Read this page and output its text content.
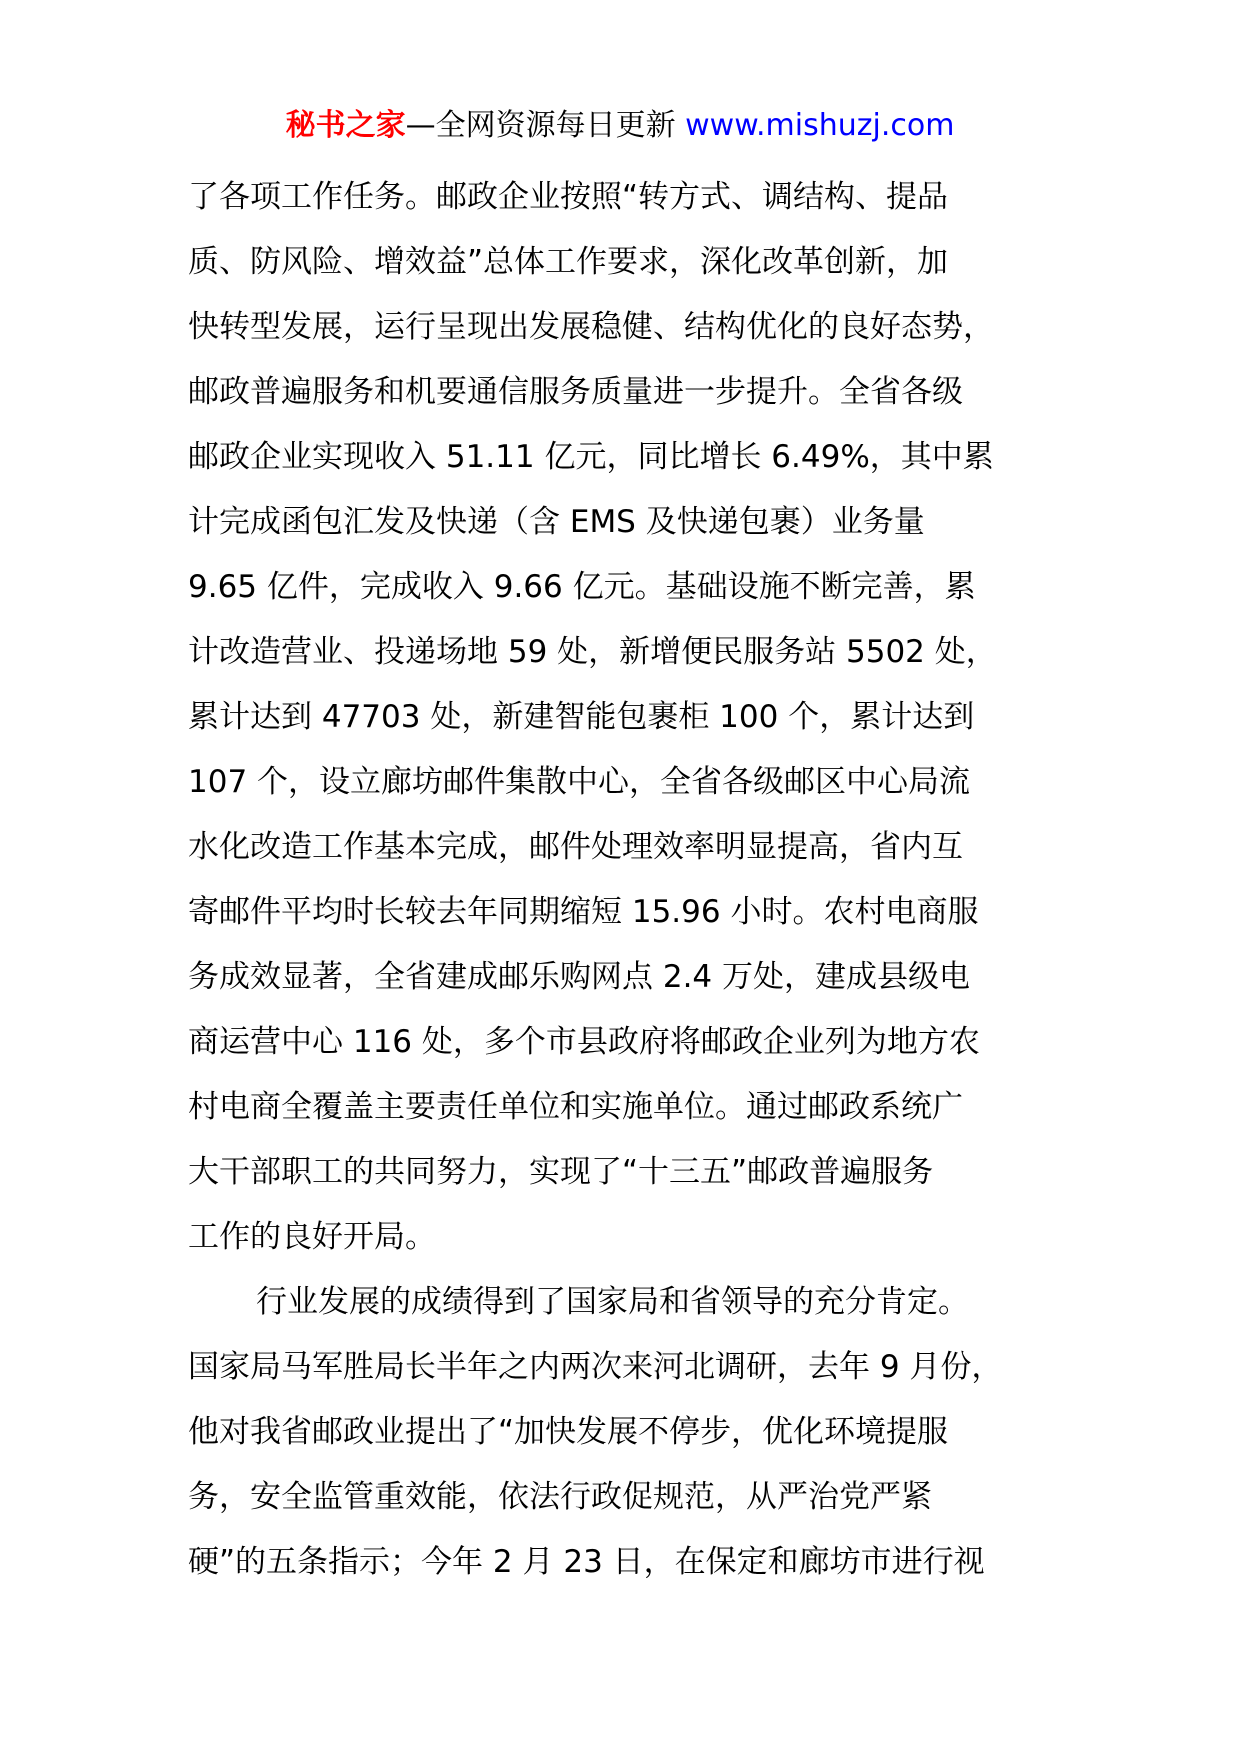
秘书之家—全网资源每日更新 www.mishuzj.com
了各项工作任务。邮政企业按照“转方式、调结构、提品
质、防风险、增效益”总体工作要求，深化改革创新，加
快转型发展，运行呈现出发展稳健、结构优化的良好态势，
邮政普遍服务和机要通信服务质量进一步提升。全省各级
邮政企业实现收入 51.11 亿元，同比增长 6.49%，其中累
计完成函包汇发及快递（含 EMS 及快递包裹）业务量
9.65 亿件，完成收入 9.66 亿元。基础设施不断完善，累
计改造营业、投递场地 59 处，新增便民服务站 5502 处，
累计达到 47703 处，新建智能包裹柜 100 个，累计达到
107 个，设立廊坊邮件集散中心，全省各级邮区中心局流
水化改造工作基本完成，邮件处理效率明显提高，省内互
寄邮件平均时长较去年同期缩短 15.96 小时。农村电商服
务成效显著，全省建成邮乐购网点 2.4 万处，建成县级电
商运营中心 116 处，多个市县政府将邮政企业列为地方农
村电商全覆盖主要责任单位和实施单位。通过邮政系统广
大干部职工的共同努力，实现了“十三五”邮政普遍服务
工作的良好开局。
行业发展的成绩得到了国家局和省领导的充分肯定。
国家局马军胜局长半年之内两次来河北调研，去年 9 月份，
他对我省邮政业提出了“加快发展不停步，优化环境提服
务，安全监管重效能，依法行政促规范，从严治党严紧
硬”的五条指示；今年 2 月 23 日，在保定和廊坊市进行视
